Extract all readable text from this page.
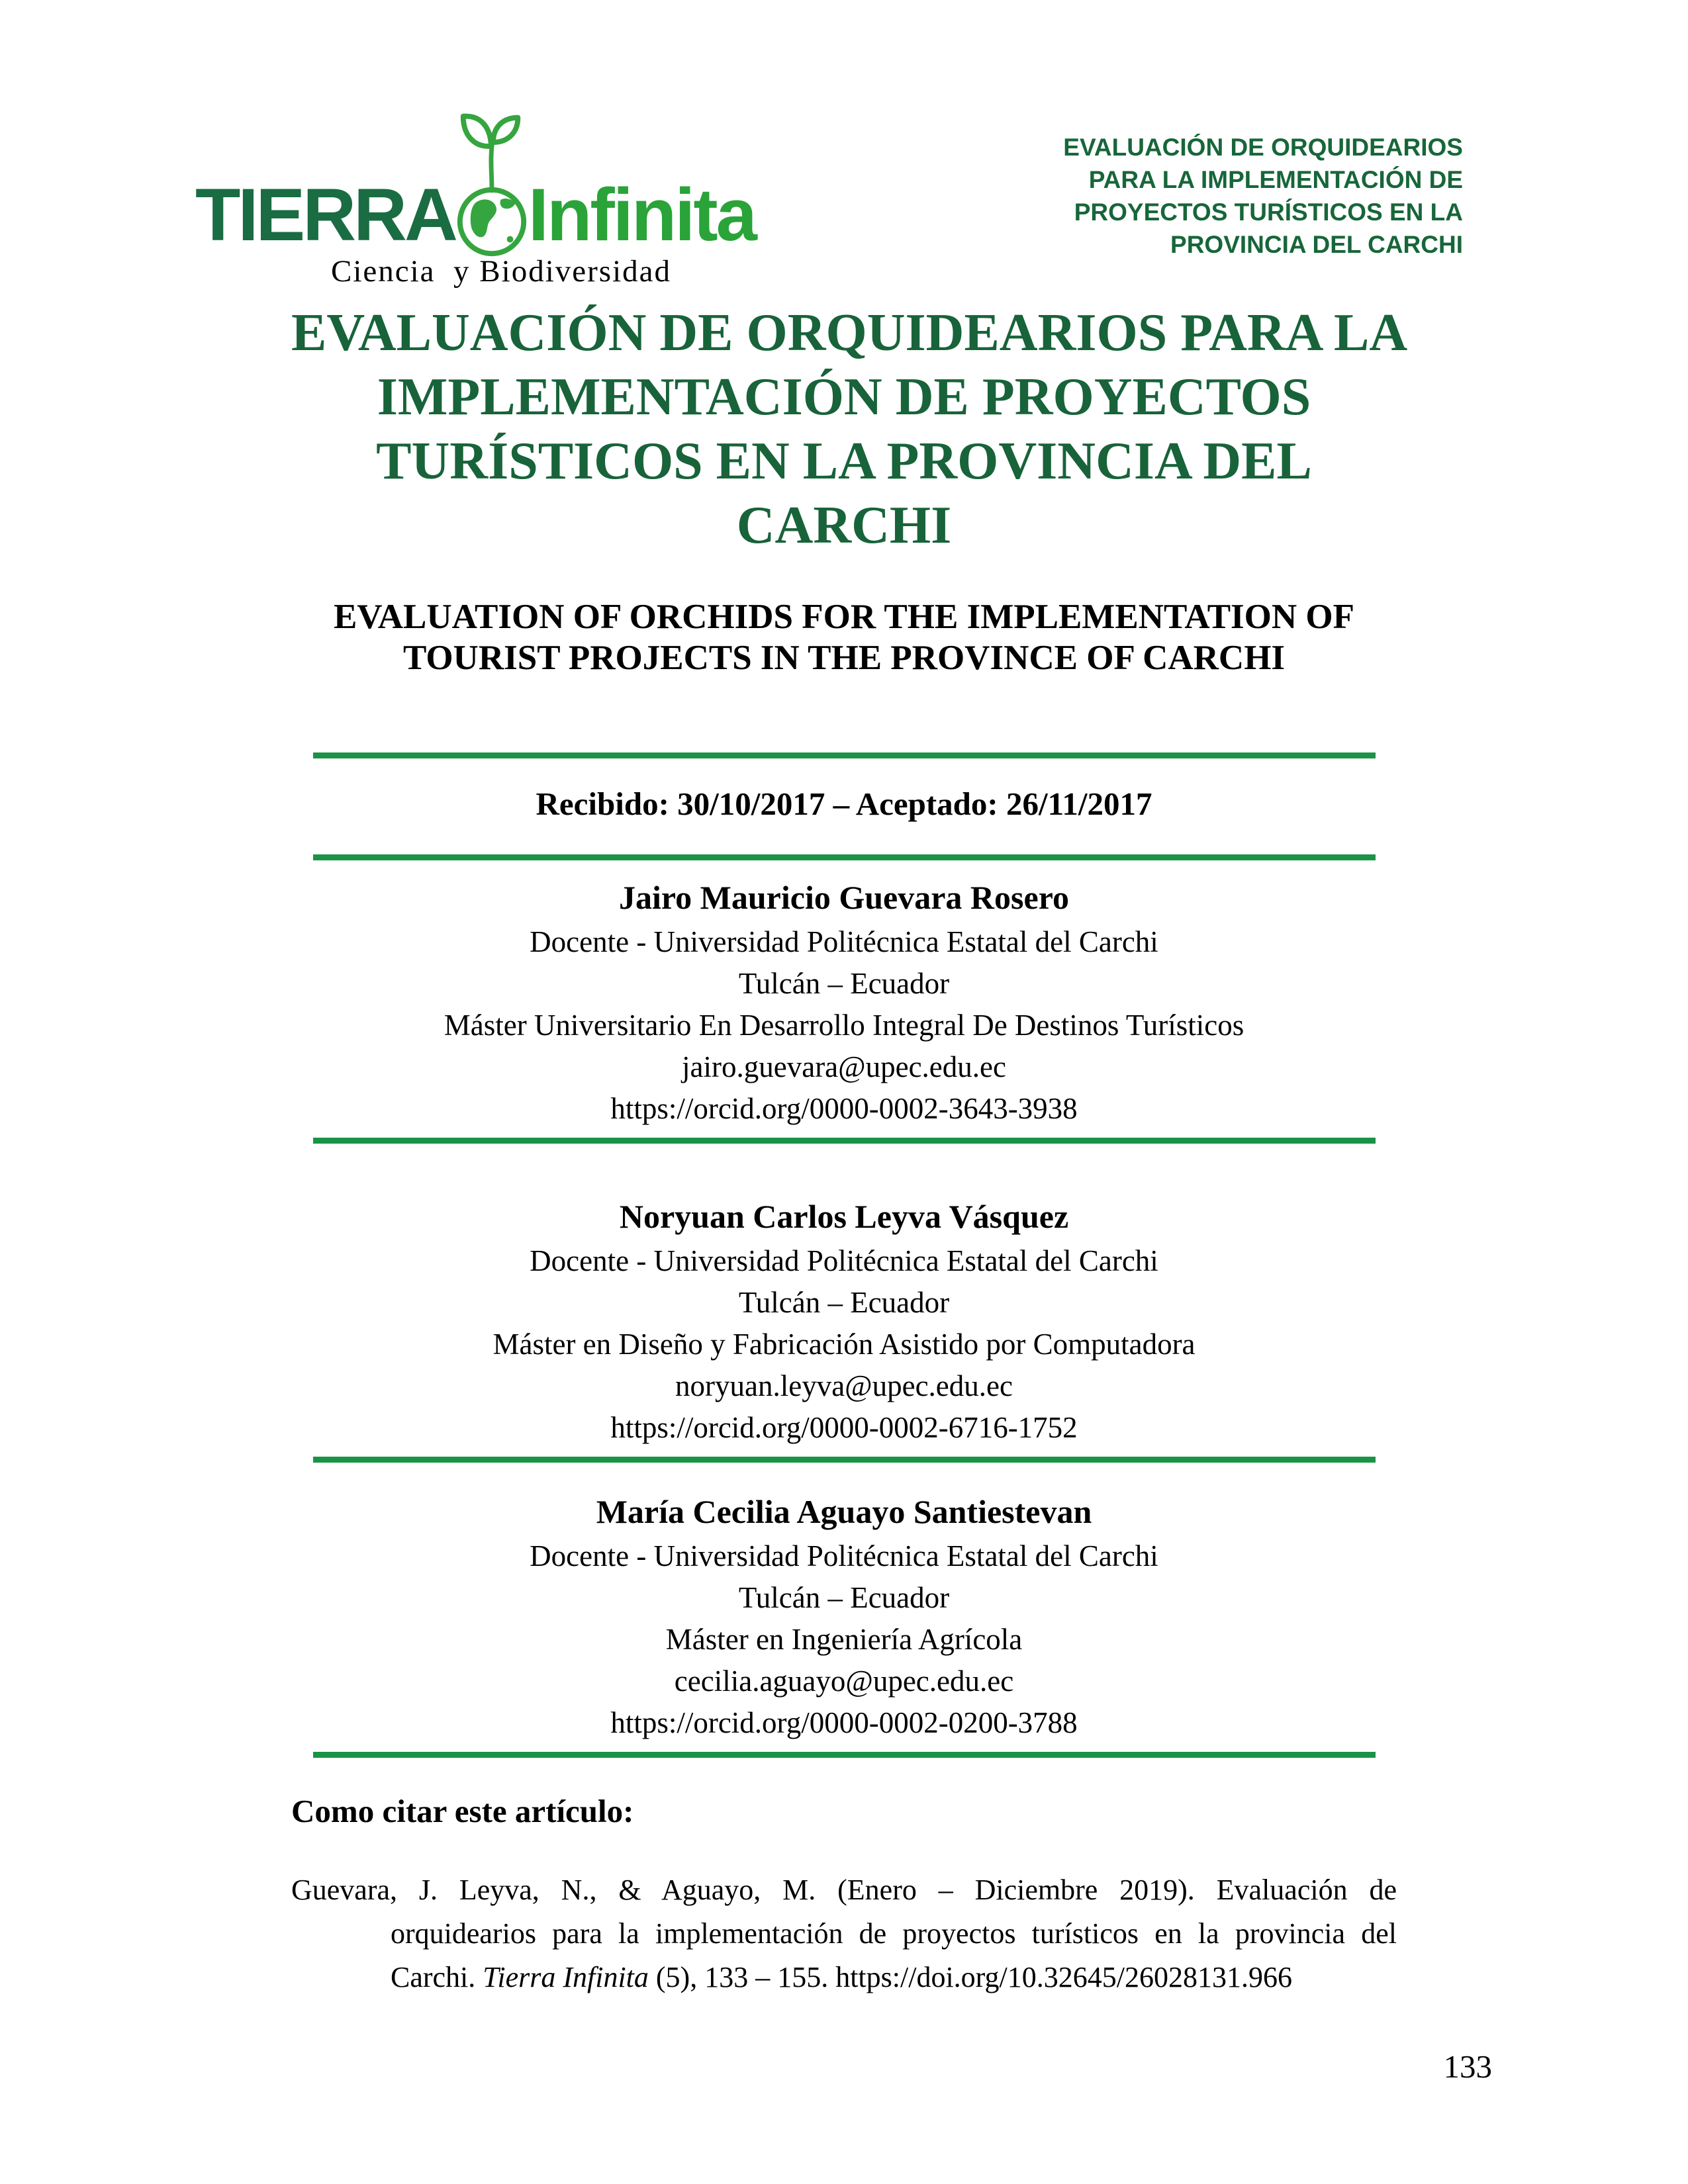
TIERRA Infinita
Ciencia  y Biodiversidad
EVALUACIÓN DE ORQUIDEARIOS
PARA LA IMPLEMENTACIÓN DE
PROYECTOS TURÍSTICOS EN LA
PROVINCIA DEL CARCHI
EVALUACIÓN DE ORQUIDEARIOS PARA LA
IMPLEMENTACIÓN DE PROYECTOS
TURÍSTICOS EN LA PROVINCIA DEL
CARCHI
EVALUATION OF ORCHIDS FOR THE IMPLEMENTATION OF
TOURIST PROJECTS IN THE PROVINCE OF CARCHI
Recibido: 30/10/2017 – Aceptado: 26/11/2017
Jairo Mauricio Guevara Rosero
Docente - Universidad Politécnica Estatal del Carchi
Tulcán – Ecuador
Máster Universitario En Desarrollo Integral De Destinos Turísticos
jairo.guevara@upec.edu.ec
https://orcid.org/0000-0002-3643-3938
Noryuan Carlos Leyva Vásquez
Docente - Universidad Politécnica Estatal del Carchi
Tulcán – Ecuador
Máster en Diseño y Fabricación Asistido por Computadora
noryuan.leyva@upec.edu.ec
https://orcid.org/0000-0002-6716-1752
María Cecilia Aguayo Santiestevan
Docente - Universidad Politécnica Estatal del Carchi
Tulcán – Ecuador
Máster en Ingeniería Agrícola
cecilia.aguayo@upec.edu.ec
https://orcid.org/0000-0002-0200-3788
Como citar este artículo:
Guevara, J. Leyva, N., & Aguayo, M. (Enero – Diciembre 2019). Evaluación de
orquidearios para la implementación de proyectos turísticos en la provincia del
Carchi. Tierra Infinita (5), 133 – 155. https://doi.org/10.32645/26028131.966
133
